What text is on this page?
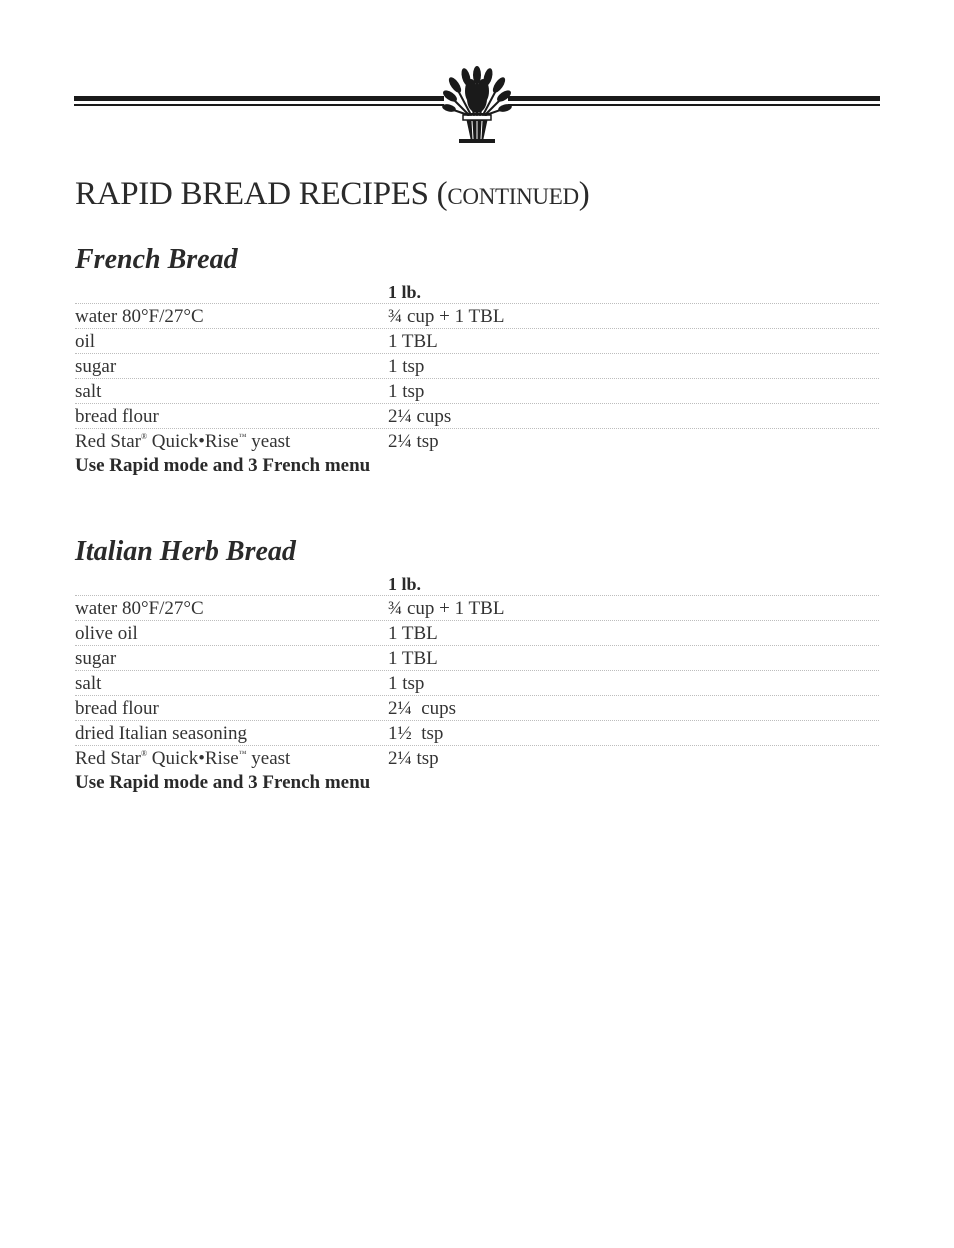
RAPID BREAD RECIPES (CONTINUED)
French Bread
1 lb.
water 80°F/27°C	¾ cup + 1 TBL
oil	1 TBL
sugar	1 tsp
salt	1 tsp
bread flour	2¼ cups
Red Star® Quick•Rise™ yeast	2¼ tsp
Use Rapid mode and 3 French menu
Italian Herb Bread
1 lb.
water 80°F/27°C	¾ cup + 1 TBL
olive oil	1 TBL
sugar	1 TBL
salt	1 tsp
bread flour	2¼  cups
dried Italian seasoning	1½  tsp
Red Star® Quick•Rise™ yeast	2¼ tsp
Use Rapid mode and 3 French menu
